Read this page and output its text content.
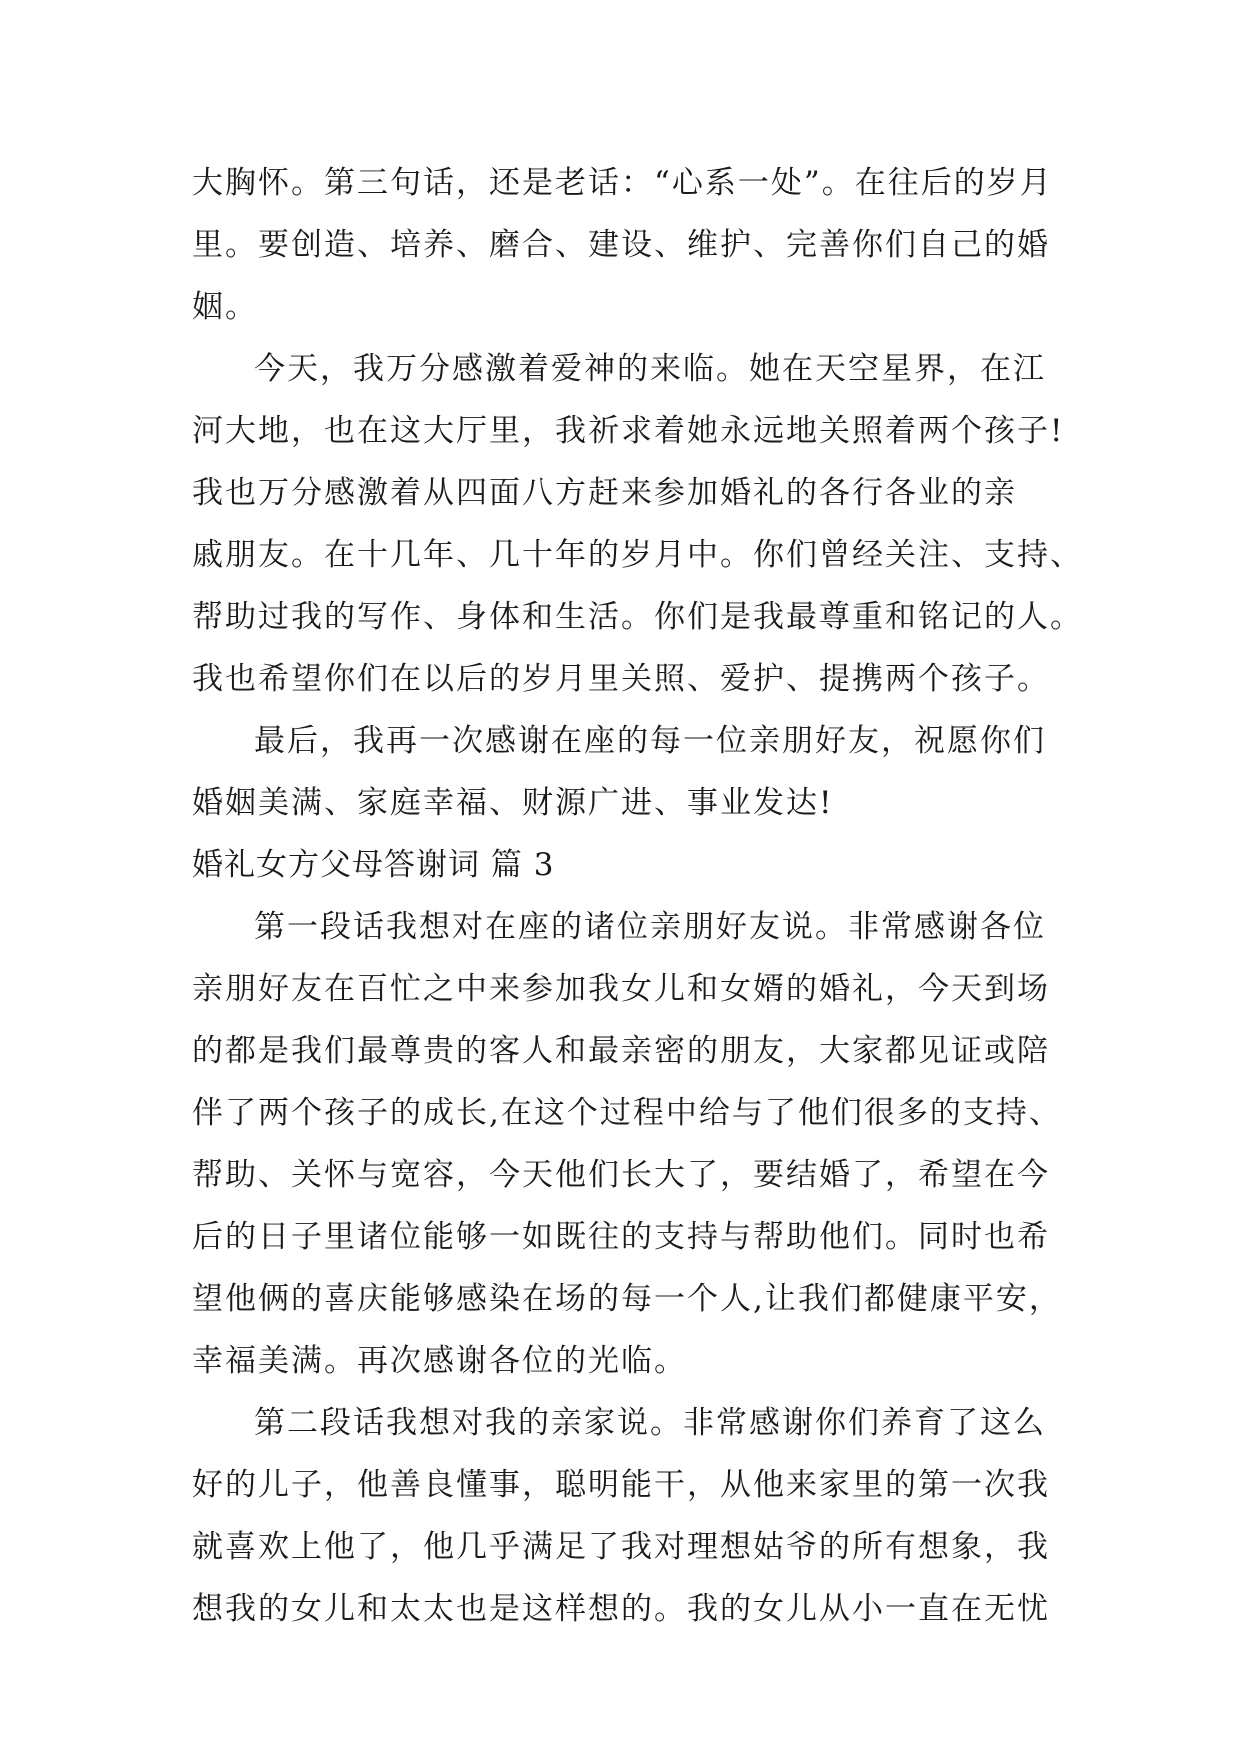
大胸怀。第三句话，还是老话：“心系一处”。在往后的岁月
里。要创造、培养、磨合、建设、维护、完善你们自己的婚
姻。
今天，我万分感激着爱神的来临。她在天空星界，在江
河大地，也在这大厅里，我祈求着她永远地关照着两个孩子!
我也万分感激着从四面八方赶来参加婚礼的各行各业的亲
戚朋友。在十几年、几十年的岁月中。你们曾经关注、支持、
帮助过我的写作、身体和生活。你们是我最尊重和铭记的人。
我也希望你们在以后的岁月里关照、爱护、提携两个孩子。
最后，我再一次感谢在座的每一位亲朋好友，祝愿你们
婚姻美满、家庭幸福、财源广进、事业发达!
婚礼女方父母答谢词 篇 3
第一段话我想对在座的诸位亲朋好友说。非常感谢各位
亲朋好友在百忙之中来参加我女儿和女婿的婚礼，今天到场
的都是我们最尊贵的客人和最亲密的朋友，大家都见证或陪
伴了两个孩子的成长,在这个过程中给与了他们很多的支持、
帮助、关怀与宽容，今天他们长大了，要结婚了，希望在今
后的日子里诸位能够一如既往的支持与帮助他们。同时也希
望他俩的喜庆能够感染在场的每一个人,让我们都健康平安，
幸福美满。再次感谢各位的光临。
第二段话我想对我的亲家说。非常感谢你们养育了这么
好的儿子，他善良懂事，聪明能干，从他来家里的第一次我
就喜欢上他了，他几乎满足了我对理想姑爷的所有想象，我
想我的女儿和太太也是这样想的。我的女儿从小一直在无忧
